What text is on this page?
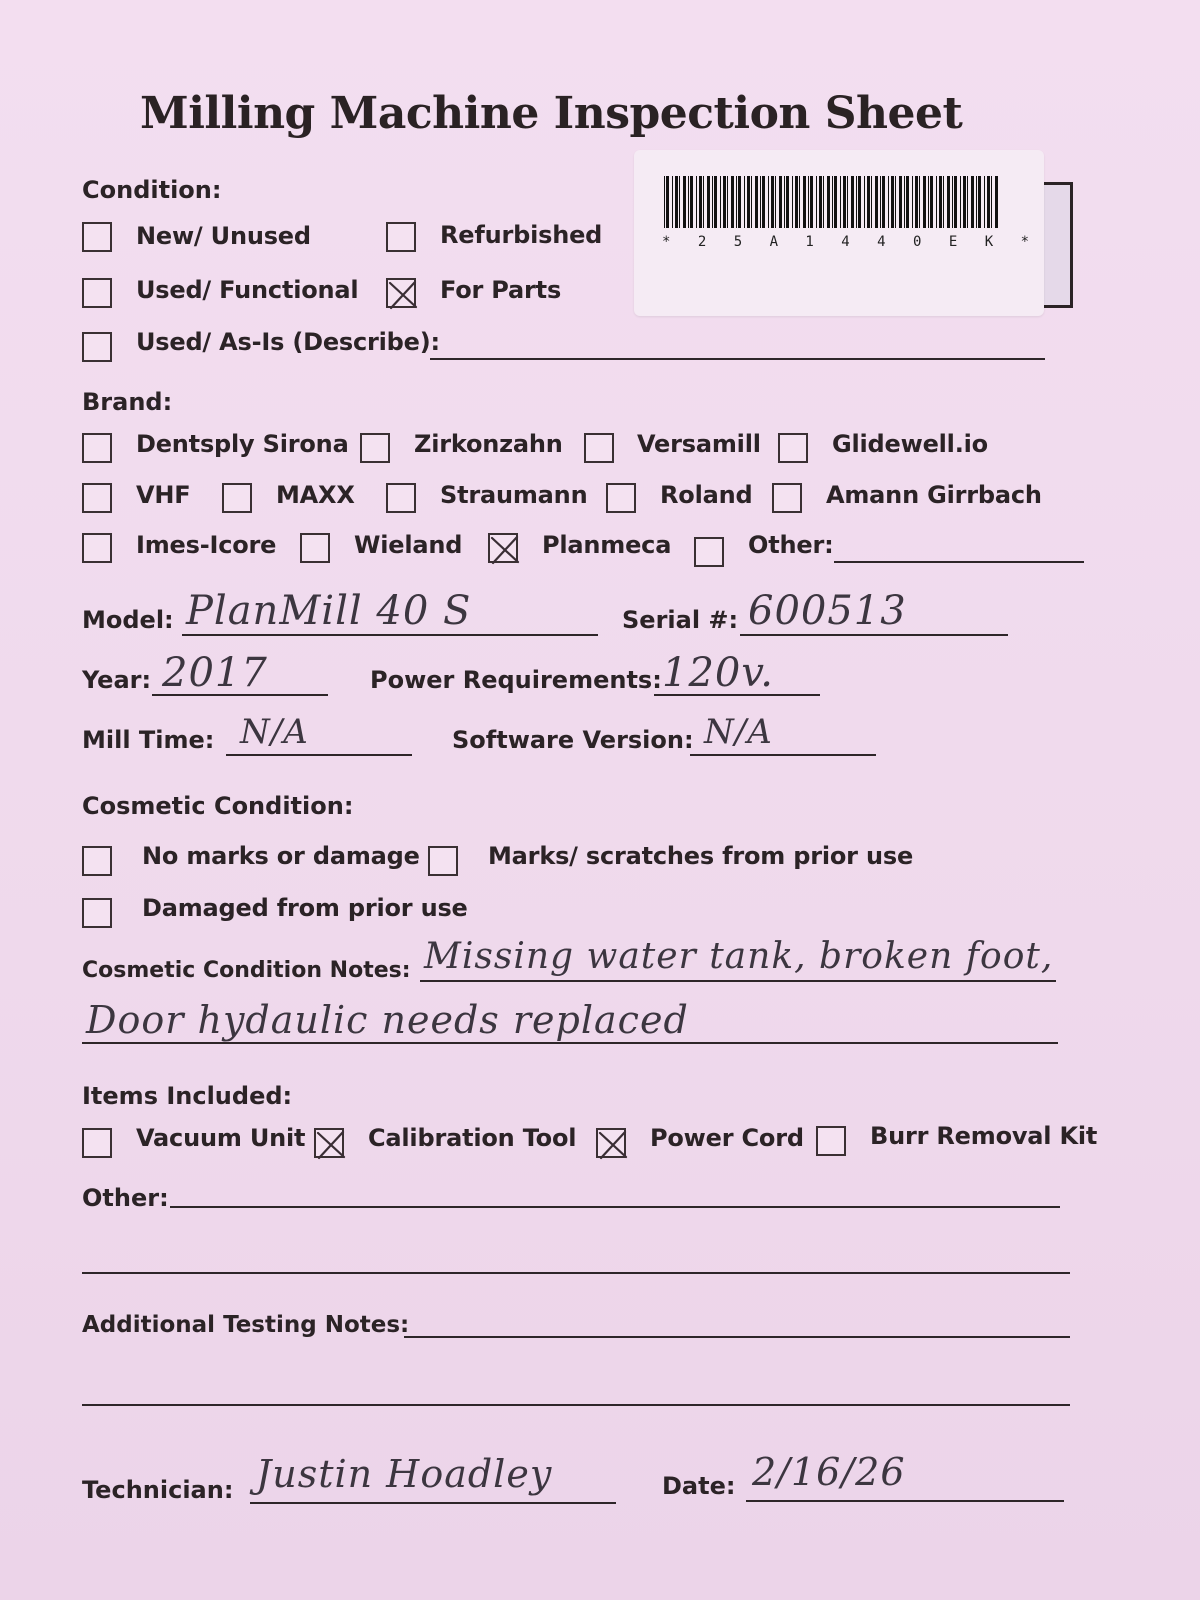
Milling Machine Inspection Sheet
* 2 5 A 1 4 4 0 E K *
Condition:
New/ Unused	Refurbished
Used/ Functional	For Parts
Used/ As-Is (Describe):
Brand:
Dentsply Sirona	Zirkonzahn	Versamill	Glidewell.io
VHF	MAXX	Straumann	Roland	Amann Girrbach
Imes-Icore	Wieland	Planmeca	Other:
Model: PlanMill 40 S	Serial #: 600513
Year: 2017	Power Requirements: 120v.
Mill Time: N/A	Software Version: N/A
Cosmetic Condition:
No marks or damage	Marks/ scratches from prior use
Damaged from prior use
Cosmetic Condition Notes: Missing water tank, broken foot,
Door hydaulic needs replaced
Items Included:
Vacuum Unit	Calibration Tool	Power Cord	Burr Removal Kit
Other:
Additional Testing Notes:
Technician: Justin Hoadley	Date: 2/16/26
